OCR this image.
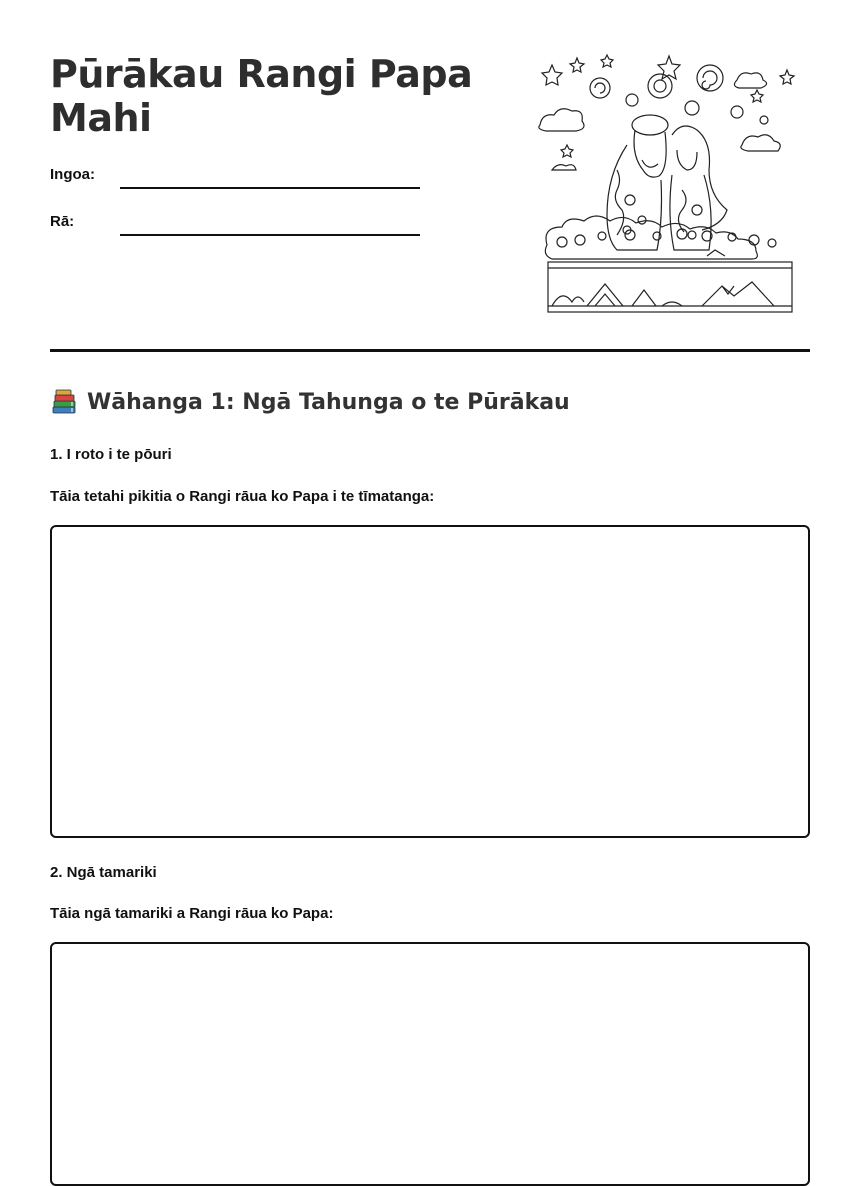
Pūrākau Rangi Papa Mahi
Ingoa:
Rā:
Wāhanga 1: Ngā Tahunga o te Pūrākau
1. I roto i te pōuri
Tāia tetahi pikitia o Rangi rāua ko Papa i te tīmatanga:
2. Ngā tamariki
Tāia ngā tamariki a Rangi rāua ko Papa:
